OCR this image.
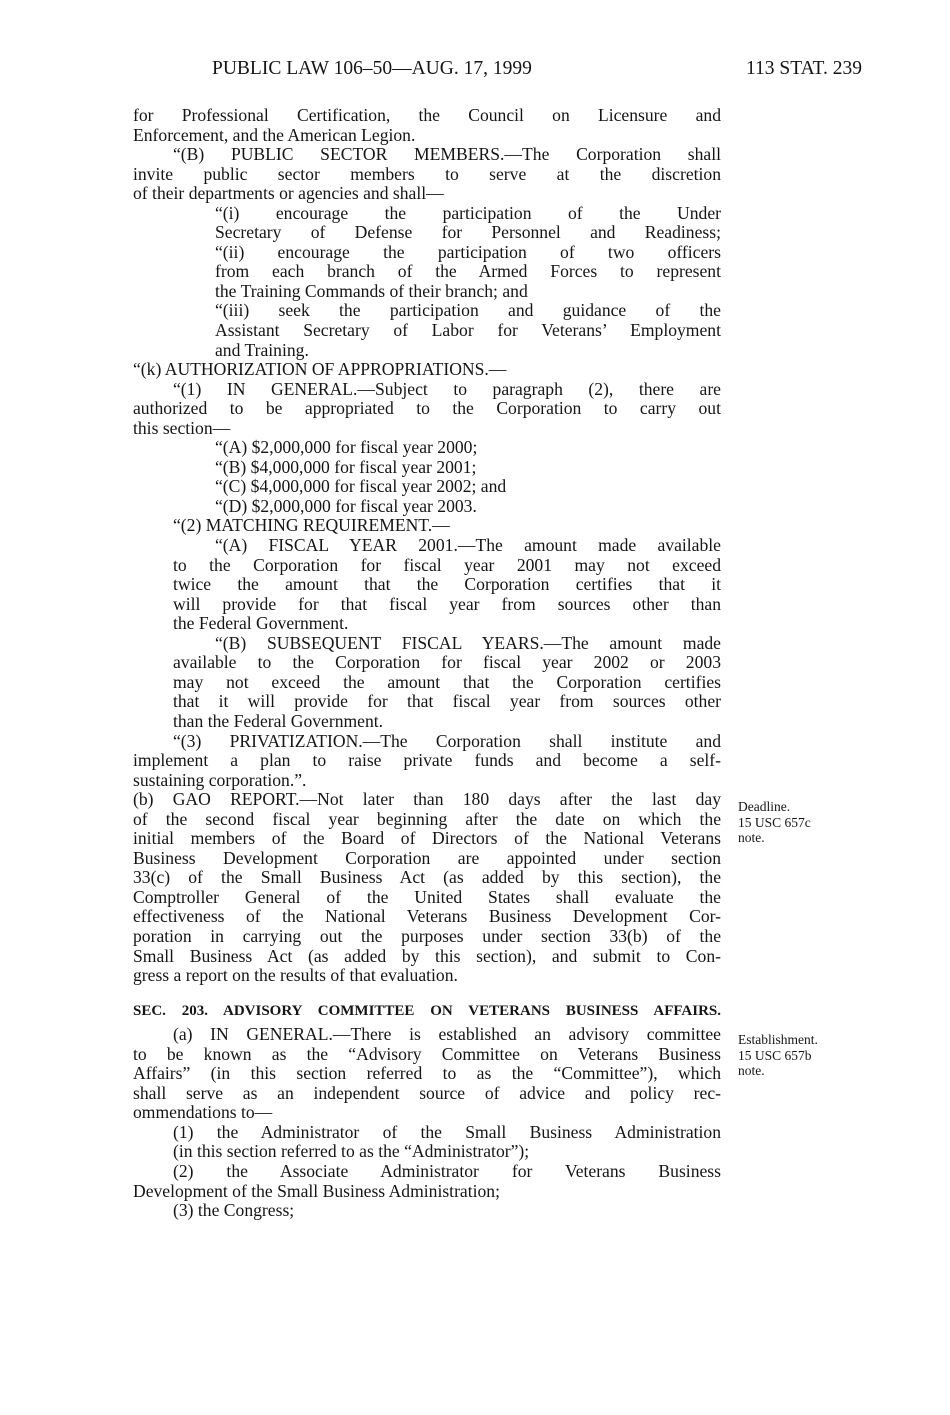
PUBLIC LAW 106–50—AUG. 17, 1999	113 STAT. 239
for Professional Certification, the Council on Licensure and
Enforcement, and the American Legion.
“(B) PUBLIC SECTOR MEMBERS.—The Corporation shall
invite public sector members to serve at the discretion
of their departments or agencies and shall—
“(i) encourage the participation of the Under
Secretary of Defense for Personnel and Readiness;
“(ii) encourage the participation of two officers
from each branch of the Armed Forces to represent
the Training Commands of their branch; and
“(iii) seek the participation and guidance of the
Assistant Secretary of Labor for Veterans’ Employment
and Training.
“(k) AUTHORIZATION OF APPROPRIATIONS.—
“(1) IN GENERAL.—Subject to paragraph (2), there are
authorized to be appropriated to the Corporation to carry out
this section—
“(A) $2,000,000 for fiscal year 2000;
“(B) $4,000,000 for fiscal year 2001;
“(C) $4,000,000 for fiscal year 2002; and
“(D) $2,000,000 for fiscal year 2003.
“(2) MATCHING REQUIREMENT.—
“(A) FISCAL YEAR 2001.—The amount made available
to the Corporation for fiscal year 2001 may not exceed
twice the amount that the Corporation certifies that it
will provide for that fiscal year from sources other than
the Federal Government.
“(B) SUBSEQUENT FISCAL YEARS.—The amount made
available to the Corporation for fiscal year 2002 or 2003
may not exceed the amount that the Corporation certifies
that it will provide for that fiscal year from sources other
than the Federal Government.
“(3) PRIVATIZATION.—The Corporation shall institute and
implement a plan to raise private funds and become a self-
sustaining corporation.”.
(b) GAO REPORT.—Not later than 180 days after the last day
of the second fiscal year beginning after the date on which the
initial members of the Board of Directors of the National Veterans
Business Development Corporation are appointed under section
33(c) of the Small Business Act (as added by this section), the
Comptroller General of the United States shall evaluate the
effectiveness of the National Veterans Business Development Cor-
poration in carrying out the purposes under section 33(b) of the
Small Business Act (as added by this section), and submit to Con-
gress a report on the results of that evaluation.
SEC. 203. ADVISORY COMMITTEE ON VETERANS BUSINESS AFFAIRS.
(a) IN GENERAL.—There is established an advisory committee
to be known as the “Advisory Committee on Veterans Business
Affairs” (in this section referred to as the “Committee”), which
shall serve as an independent source of advice and policy rec-
ommendations to—
(1) the Administrator of the Small Business Administration
(in this section referred to as the “Administrator”);
(2) the Associate Administrator for Veterans Business
Development of the Small Business Administration;
(3) the Congress;
Deadline.
15 USC 657c
note.
Establishment.
15 USC 657b
note.
